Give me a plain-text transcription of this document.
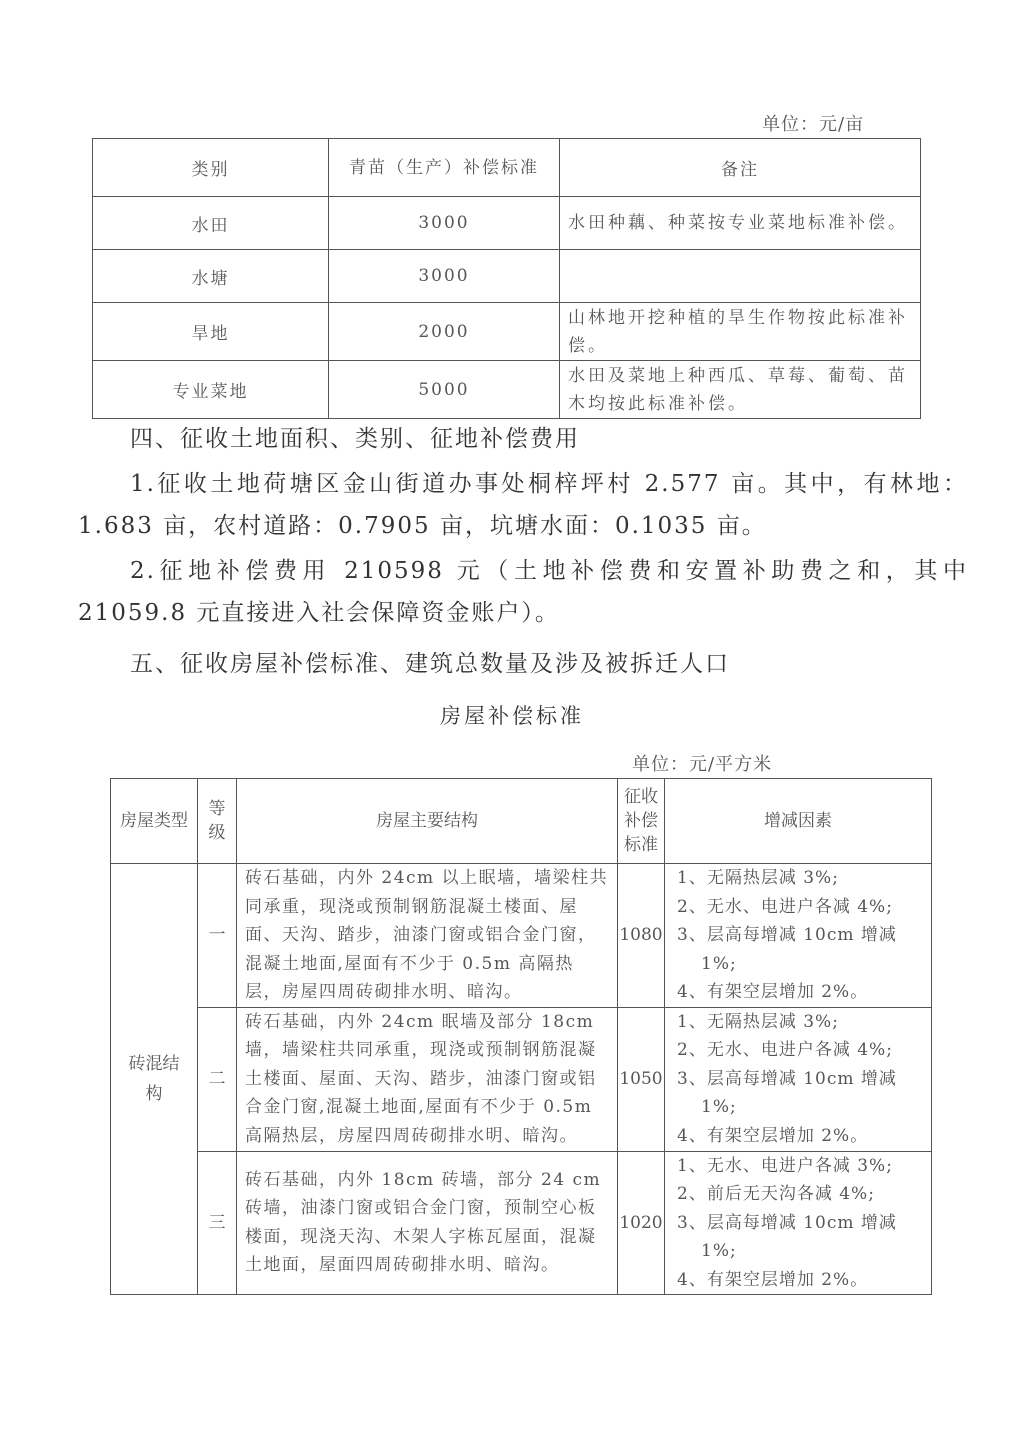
单位：元/亩
类别	青苗（生产）补偿标准	备注
水田	3000	水田种藕、种菜按专业菜地标准补偿。
水塘	3000	
旱地	2000	山林地开挖种植的旱生作物按此标准补偿。
专业菜地	5000	水田及菜地上种西瓜、草莓、葡萄、苗木均按此标准补偿。
四、征收土地面积、类别、征地补偿费用
1.征收土地荷塘区金山街道办事处桐梓坪村 2.577 亩。其中，有林地：1.683 亩，农村道路：0.7905 亩，坑塘水面：0.1035 亩。
2.征地补偿费用 210598 元（土地补偿费和安置补助费之和，其中 21059.8 元直接进入社会保障资金账户）。
五、征收房屋补偿标准、建筑总数量及涉及被拆迁人口
房屋补偿标准
单位：元/平方米
房屋类型	等级	房屋主要结构	征收补偿标准	增减因素
砖混结构	一	砖石基础，内外 24cm 以上眠墙，墙梁柱共同承重，现浇或预制钢筋混凝土楼面、屋面、天沟、踏步，油漆门窗或铝合金门窗，混凝土地面,屋面有不少于 0.5m 高隔热层，房屋四周砖砌排水明、暗沟。	1080	1、无隔热层减 3%;
2、无水、电进户各减 4%;
3、层高每增减 10cm 增减
1%;
4、有架空层增加 2%。

	二	砖石基础，内外 24cm 眠墙及部分 18cm 墙，墙梁柱共同承重，现浇或预制钢筋混凝土楼面、屋面、天沟、踏步，油漆门窗或铝合金门窗,混凝土地面,屋面有不少于 0.5m 高隔热层，房屋四周砖砌排水明、暗沟。	1050	1、无隔热层减 3%;
2、无水、电进户各减 4%;
3、层高每增减 10cm 增减
1%;
4、有架空层增加 2%。

	三	砖石基础，内外 18cm 砖墙，部分 24 cm 砖墙，油漆门窗或铝合金门窗，预制空心板楼面，现浇天沟、木架人字栋瓦屋面，混凝土地面，屋面四周砖砌排水明、暗沟。	1020	1、无水、电进户各减 3%;
2、前后无天沟各减 4%;
3、层高每增减 10cm 增减
1%;
4、有架空层增加 2%。
